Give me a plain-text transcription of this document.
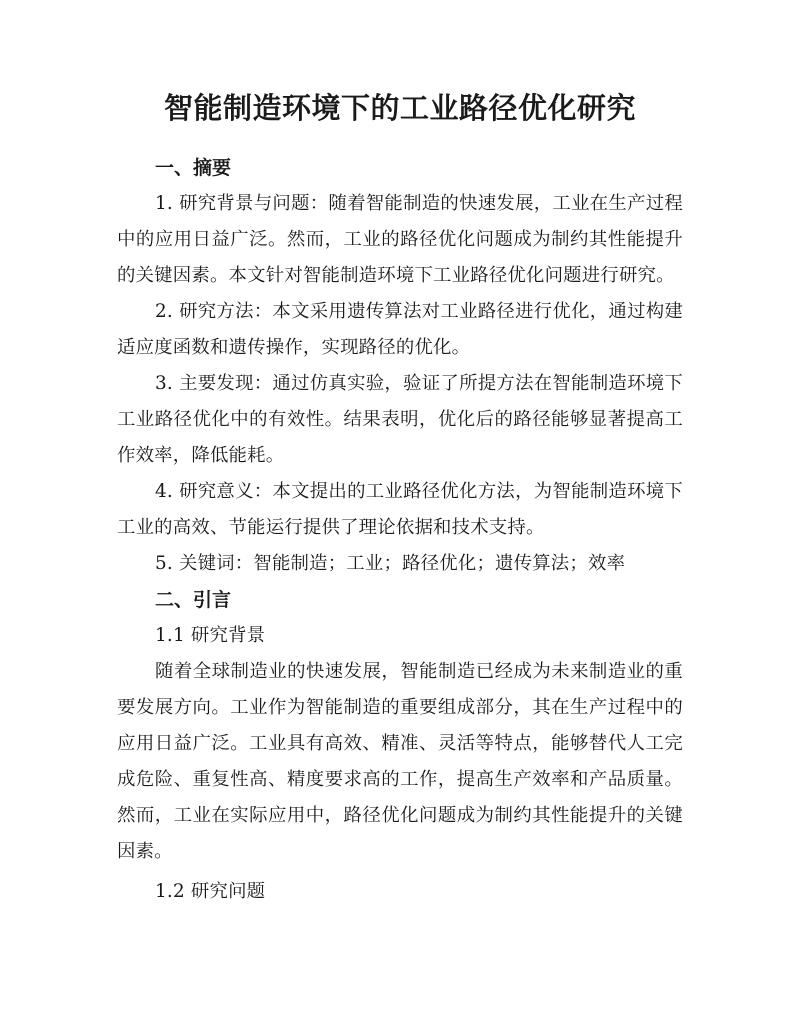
智能制造环境下的工业路径优化研究

一、摘要

1. 研究背景与问题：随着智能制造的快速发展，工业在生产过程中的应用日益广泛。然而，工业的路径优化问题成为制约其性能提升的关键因素。本文针对智能制造环境下工业路径优化问题进行研究。

2. 研究方法：本文采用遗传算法对工业路径进行优化，通过构建适应度函数和遗传操作，实现路径的优化。

3. 主要发现：通过仿真实验，验证了所提方法在智能制造环境下工业路径优化中的有效性。结果表明，优化后的路径能够显著提高工作效率，降低能耗。

4. 研究意义：本文提出的工业路径优化方法，为智能制造环境下工业的高效、节能运行提供了理论依据和技术支持。

5. 关键词：智能制造；工业；路径优化；遗传算法；效率

二、引言

1.1 研究背景

随着全球制造业的快速发展，智能制造已经成为未来制造业的重要发展方向。工业作为智能制造的重要组成部分，其在生产过程中的应用日益广泛。工业具有高效、精准、灵活等特点，能够替代人工完成危险、重复性高、精度要求高的工作，提高生产效率和产品质量。然而，工业在实际应用中，路径优化问题成为制约其性能提升的关键因素。

1.2 研究问题
